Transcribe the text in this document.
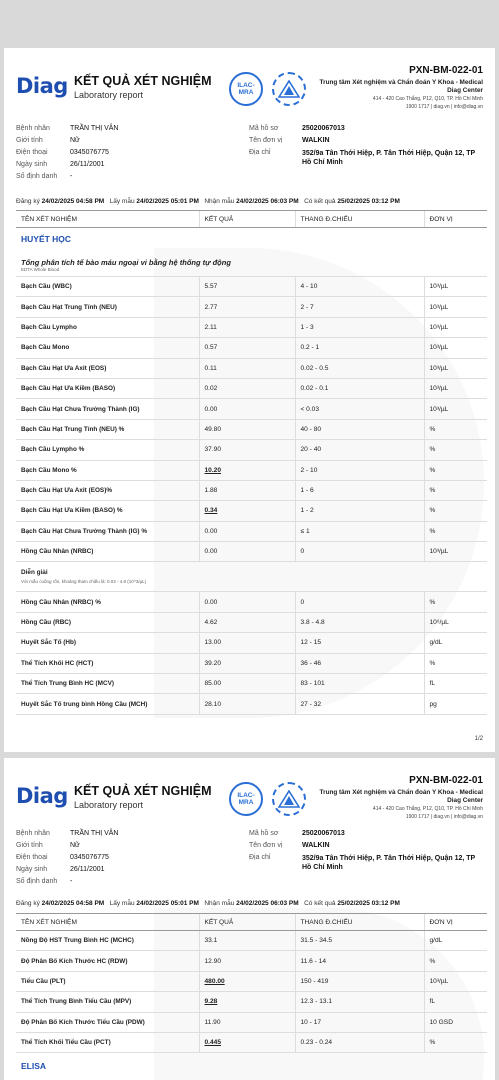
Diag KẾT QUẢ XÉT NGHIỆM
Laboratory report
ILAC-MRA
PXN-BM-022-01
Trung tâm Xét nghiệm và Chẩn đoán Y Khoa - Medical Diag Center
414 - 420 Cao Thắng, P12, Q10, TP. Hồ Chí Minh
1900 1717 | diag.vn | info@diag.vn
Bệnh nhân	TRẦN THỊ VÂN
Giới tính	Nữ
Điện thoại	0345076775
Ngày sinh	26/11/2001
Số định danh -
Mã hồ sơ	25020067013
Tên đơn vị	WALKIN
Địa chỉ	352/9a Tân Thới Hiệp, P. Tân Thới Hiệp, Quận 12, TP Hồ Chí Minh
Đăng ký 24/02/2025 04:58 PM Lấy mẫu 24/02/2025 05:01 PM Nhận mẫu 24/02/2025 06:03 PM Có kết quả 25/02/2025 03:12 PM
TÊN XÉT NGHIỆM	KẾT QUẢ	THANG Đ.CHIẾU	ĐƠN VỊ
HUYẾT HỌC			

Tổng phân tích tế bào máu ngoại vi bằng hệ thống tự động
EDTA Whole Blood			

Bạch Cầu (WBC)	5.57	4 - 10	10³/µL
Bạch Cầu Hạt Trung Tính (NEU)	2.77	2 - 7	10³/µL
Bạch Cầu Lympho	2.11	1 - 3	10³/µL
Bạch Cầu Mono	0.57	0.2 - 1	10³/µL
Bạch Cầu Hạt Ưa Axit (EOS)	0.11	0.02 - 0.5	10³/µL
Bạch Cầu Hạt Ưa Kiềm (BASO)	0.02	0.02 - 0.1	10³/µL
Bạch Cầu Hạt Chưa Trưởng Thành (IG)	0.00	< 0.03	10³/µL
Bạch Cầu Hạt Trung Tính (NEU) %	49.80	40 - 80	%
Bạch Cầu Lympho %	37.90	20 - 40	%
Bạch Cầu Mono %	10.20	2 - 10	%
Bạch Cầu Hạt Ưa Axit (EOS)%	1.88	1 - 6	%
Bạch Cầu Hạt Ưa Kiềm (BASO) %	0.34	1 - 2	%
Bạch Cầu Hạt Chưa Trưởng Thành (IG) %	0.00	≤ 1	%
Hồng Cầu Nhân (NRBC)	0.00	0	10³/µL

Diễn giải
Với mẫu cuống rốn, khoảng tham chiếu là: 0.03 - 4.8 (10^3/µL)			

Hồng Cầu Nhân (NRBC) %	0.00	0	%
Hồng Cầu (RBC)	4.62	3.8 - 4.8	10⁶/µL
Huyết Sắc Tố (Hb)	13.00	12 - 15	g/dL
Thể Tích Khối HC (HCT)	39.20	36 - 46	%
Thể Tích Trung Bình HC (MCV)	85.00	83 - 101	fL
Huyết Sắc Tố trung bình Hồng Cầu (MCH)	28.10	27 - 32	pg
1/2
Diag KẾT QUẢ XÉT NGHIỆM
Laboratory report
ILAC-MRA
PXN-BM-022-01
Trung tâm Xét nghiệm và Chẩn đoán Y Khoa - Medical Diag Center
414 - 420 Cao Thắng, P12, Q10, TP. Hồ Chí Minh
1900 1717 | diag.vn | info@diag.vn
Bệnh nhân	TRẦN THỊ VÂN
Giới tính	Nữ
Điện thoại	0345076775
Ngày sinh	26/11/2001
Số định danh -
Mã hồ sơ	25020067013
Tên đơn vị	WALKIN
Địa chỉ	352/9a Tân Thới Hiệp, P. Tân Thới Hiệp, Quận 12, TP Hồ Chí Minh
Đăng ký 24/02/2025 04:58 PM Lấy mẫu 24/02/2025 05:01 PM Nhận mẫu 24/02/2025 06:03 PM Có kết quả 25/02/2025 03:12 PM
TÊN XÉT NGHIỆM	KẾT QUẢ	THANG Đ.CHIẾU	ĐƠN VỊ
Nồng Độ HST Trung Bình HC (MCHC)	33.1	31.5 - 34.5	g/dL
Độ Phân Bố Kích Thước HC (RDW)	12.90	11.6 - 14	%
Tiểu Cầu (PLT)	480.00	150 - 419	10³/µL
Thể Tích Trung Bình Tiểu Cầu (MPV)	9.28	12.3 - 13.1	fL
Độ Phân Bố Kích Thước Tiểu Cầu (PDW)	11.90	10 - 17	10 GSD
Thể Tích Khối Tiểu Cầu (PCT)	0.445	0.23 - 0.24	%
ELISA			
